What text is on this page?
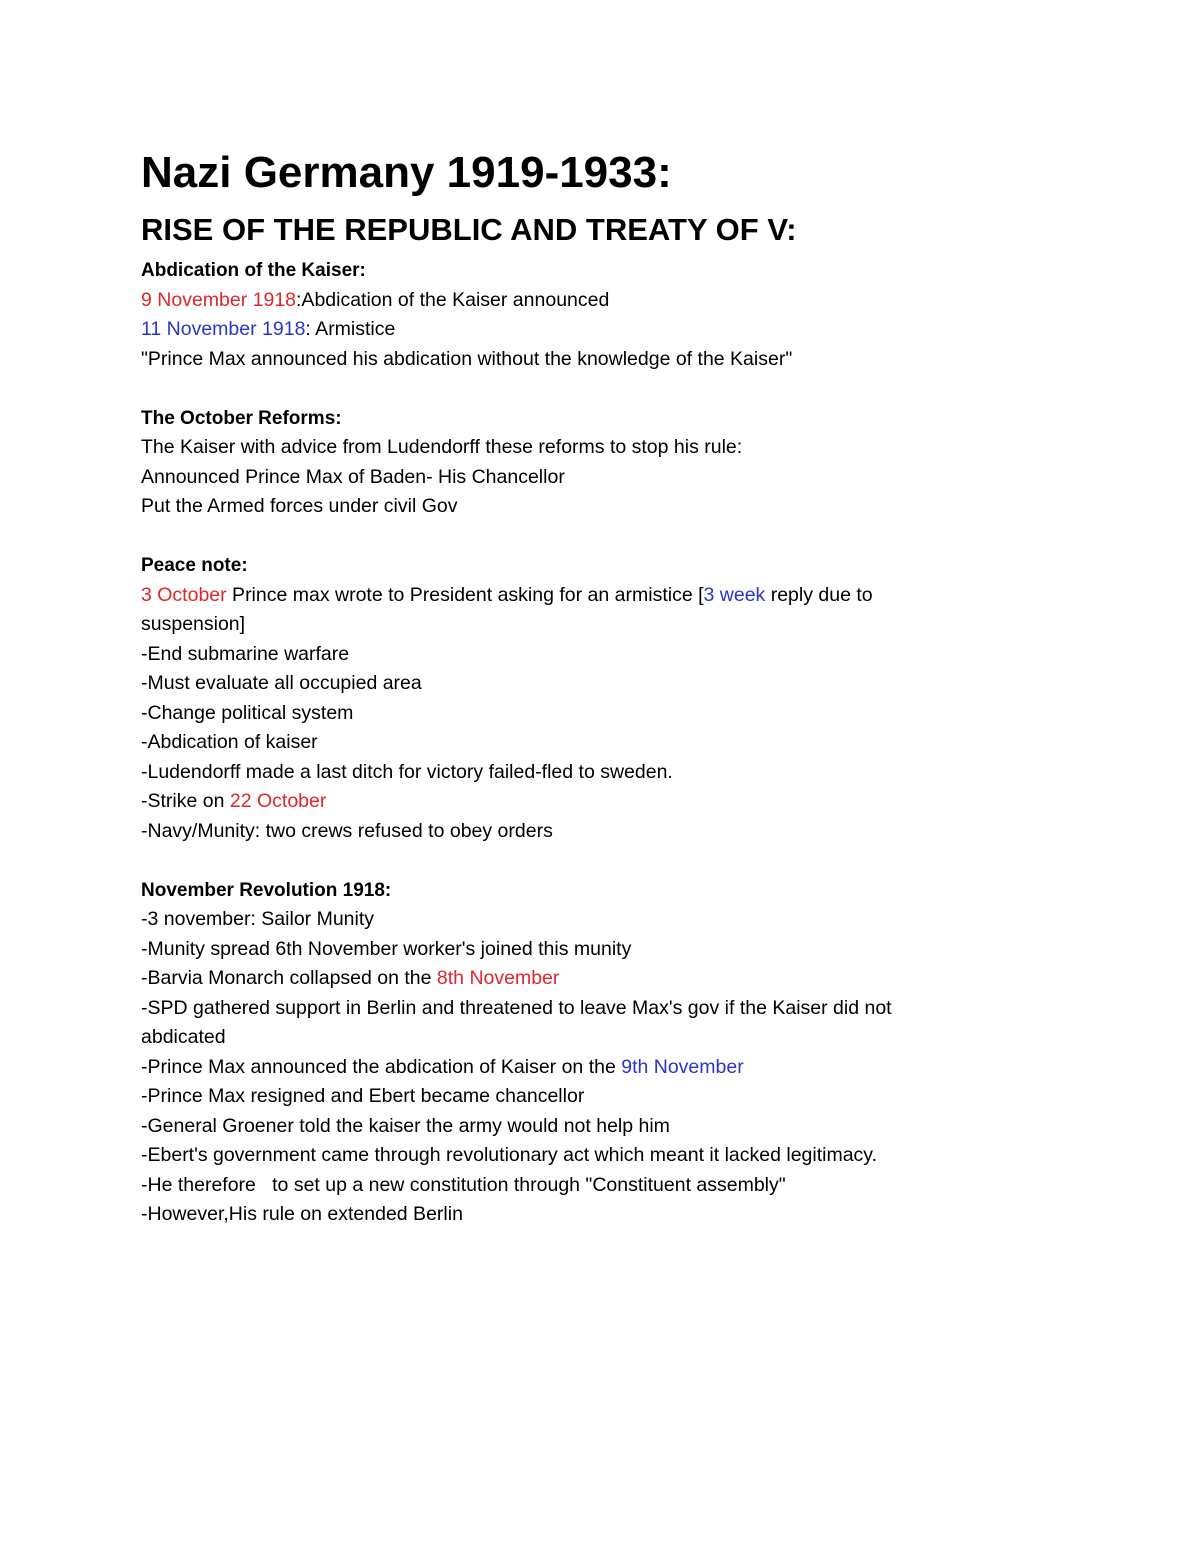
Nazi Germany 1919-1933:
RISE OF THE REPUBLIC AND TREATY OF V:

Abdication of the Kaiser:

9 November 1918:Abdication of the Kaiser announced

11 November 1918: Armistice

"Prince Max announced his abdication without the knowledge of the Kaiser"

The October Reforms:

The Kaiser with advice from Ludendorff these reforms to stop his rule:

Announced Prince Max of Baden- His Chancellor

Put the Armed forces under civil Gov

Peace note:

3 October Prince max wrote to President asking for an armistice [3 week reply due to

suspension]

-End submarine warfare

-Must evaluate all occupied area

-Change political system

-Abdication of kaiser

-Ludendorff made a last ditch for victory failed-fled to sweden.

-Strike on 22 October

-Navy/Munity: two crews refused to obey orders

November Revolution 1918:

-3 november: Sailor Munity

-Munity spread 6th November worker's joined this munity

-Barvia Monarch collapsed on the 8th November

-SPD gathered support in Berlin and threatened to leave Max's gov if the Kaiser did not

abdicated

-Prince Max announced the abdication of Kaiser on the 9th November

-Prince Max resigned and Ebert became chancellor

-General Groener told the kaiser the army would not help him

-Ebert's government came through revolutionary act which meant it lacked legitimacy.

-He therefore   to set up a new constitution through "Constituent assembly"

-However,His rule on extended Berlin
